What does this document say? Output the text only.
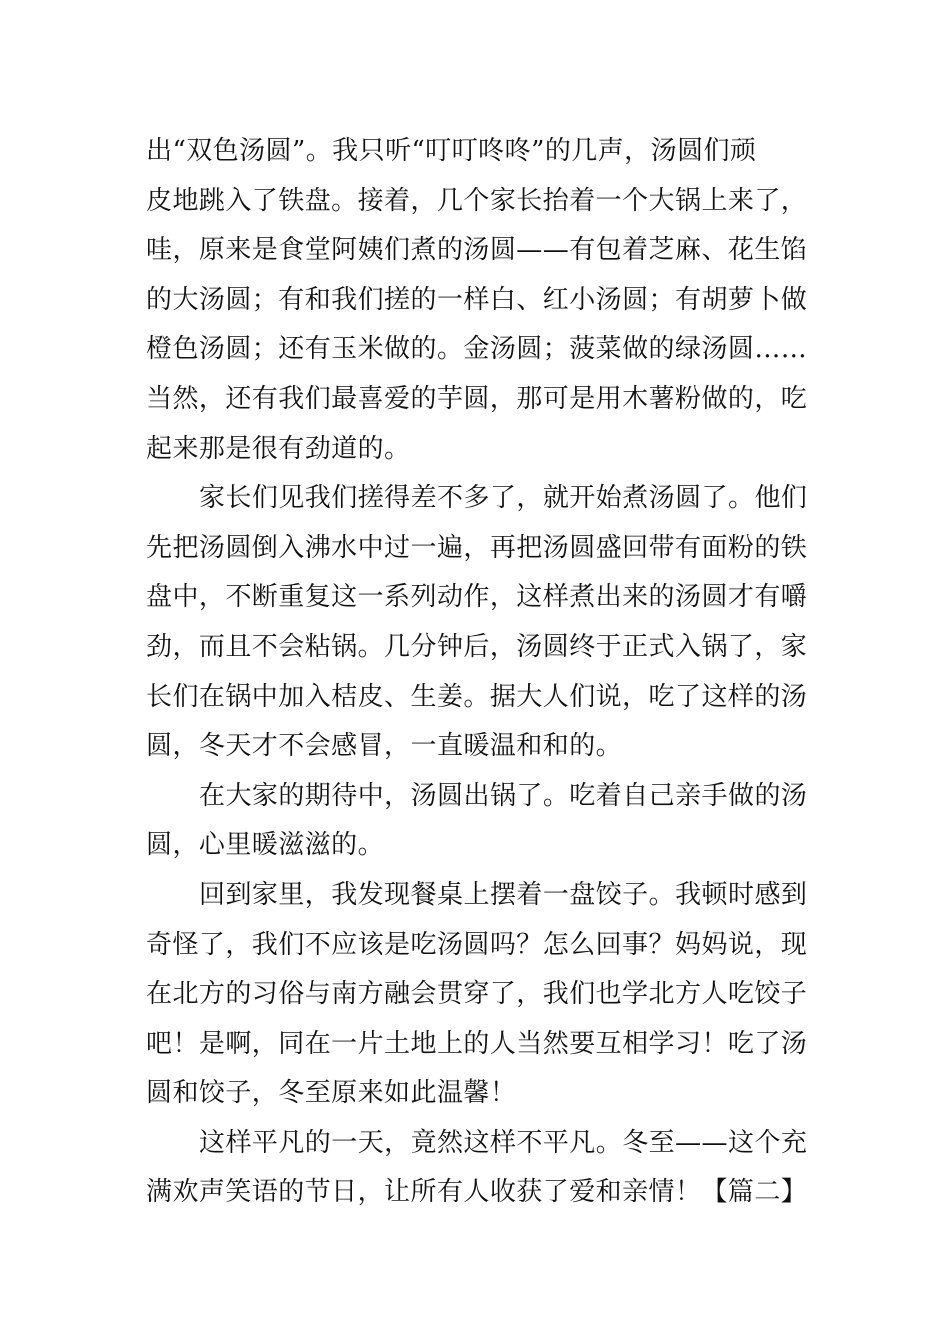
出“双色汤圆”。我只听“叮叮咚咚”的几声，汤圆们顽
皮地跳入了铁盘。接着，几个家长抬着一个大锅上来了，
哇，原来是食堂阿姨们煮的汤圆——有包着芝麻、花生馅
的大汤圆；有和我们搓的一样白、红小汤圆；有胡萝卜做
橙色汤圆；还有玉米做的。金汤圆；菠菜做的绿汤圆……
当然，还有我们最喜爱的芋圆，那可是用木薯粉做的，吃
起来那是很有劲道的。
家长们见我们搓得差不多了，就开始煮汤圆了。他们
先把汤圆倒入沸水中过一遍，再把汤圆盛回带有面粉的铁
盘中，不断重复这一系列动作，这样煮出来的汤圆才有嚼
劲，而且不会粘锅。几分钟后，汤圆终于正式入锅了，家
长们在锅中加入桔皮、生姜。据大人们说，吃了这样的汤
圆，冬天才不会感冒，一直暖温和和的。
在大家的期待中，汤圆出锅了。吃着自己亲手做的汤
圆，心里暖滋滋的。
回到家里，我发现餐桌上摆着一盘饺子。我顿时感到
奇怪了，我们不应该是吃汤圆吗？怎么回事？妈妈说，现
在北方的习俗与南方融会贯穿了，我们也学北方人吃饺子
吧！是啊，同在一片土地上的人当然要互相学习！吃了汤
圆和饺子，冬至原来如此温馨！
这样平凡的一天，竟然这样不平凡。冬至——这个充
满欢声笑语的节日，让所有人收获了爱和亲情！【篇二】
